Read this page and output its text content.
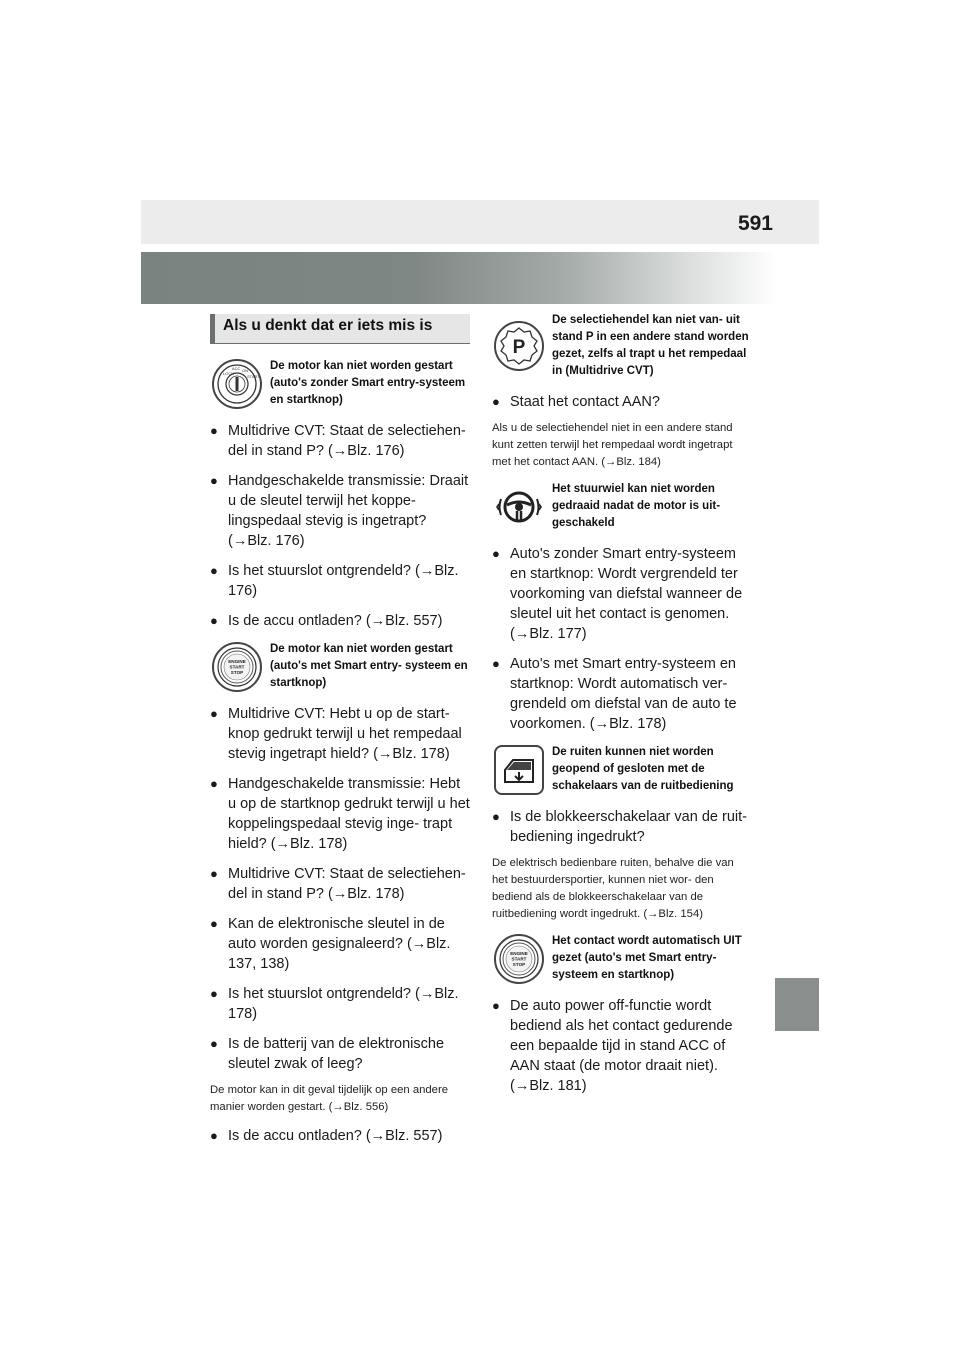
591
Als u denkt dat er iets mis is
LOCK
ACC ON
START
De motor kan niet worden gestart (auto's zonder Smart entry-systeem en startknop)
● Multidrive CVT: Staat de selectiehen- del in stand P? (→Blz. 176)
● Handgeschakelde transmissie: Draait u de sleutel terwijl het koppe- lingspedaal stevig is ingetrapt? (→Blz. 176)
● Is het stuurslot ontgrendeld? (→Blz. 176)
● Is de accu ontladen? (→Blz. 557)
ENGINE
START
STOP
De motor kan niet worden gestart (auto's met Smart entry- systeem en startknop)
● Multidrive CVT: Hebt u op de start- knop gedrukt terwijl u het rempedaal stevig ingetrapt hield? (→Blz. 178)
● Handgeschakelde transmissie: Hebt u op de startknop gedrukt terwijl u het koppelingspedaal stevig inge- trapt hield? (→Blz. 178)
● Multidrive CVT: Staat de selectiehen- del in stand P? (→Blz. 178)
● Kan de elektronische sleutel in de auto worden gesignaleerd? (→Blz. 137, 138)
● Is het stuurslot ontgrendeld? (→Blz. 178)
● Is de batterij van de elektronische sleutel zwak of leeg?
De motor kan in dit geval tijdelijk op een andere manier worden gestart. (→Blz. 556)
● Is de accu ontladen? (→Blz. 557)
P
De selectiehendel kan niet van- uit stand P in een andere stand worden gezet, zelfs al trapt u het rempedaal in (Multidrive CVT)
● Staat het contact AAN?
Als u de selectiehendel niet in een andere stand kunt zetten terwijl het rempedaal wordt ingetrapt met het contact AAN. (→Blz. 184)
Het stuurwiel kan niet worden gedraaid nadat de motor is uit- geschakeld
● Auto's zonder Smart entry-systeem en startknop: Wordt vergrendeld ter voorkoming van diefstal wanneer de sleutel uit het contact is genomen. (→Blz. 177)
● Auto's met Smart entry-systeem en startknop: Wordt automatisch ver- grendeld om diefstal van de auto te voorkomen. (→Blz. 178)
De ruiten kunnen niet worden geopend of gesloten met de schakelaars van de ruitbediening
● Is de blokkeerschakelaar van de ruit- bediening ingedrukt?
De elektrisch bedienbare ruiten, behalve die van het bestuurdersportier, kunnen niet wor- den bediend als de blokkeerschakelaar van de ruitbediening wordt ingedrukt. (→Blz. 154)
ENGINE
START
STOP
Het contact wordt automatisch UIT gezet (auto's met Smart entry-systeem en startknop)
● De auto power off-functie wordt bediend als het contact gedurende een bepaalde tijd in stand ACC of AAN staat (de motor draait niet). (→Blz. 181)
